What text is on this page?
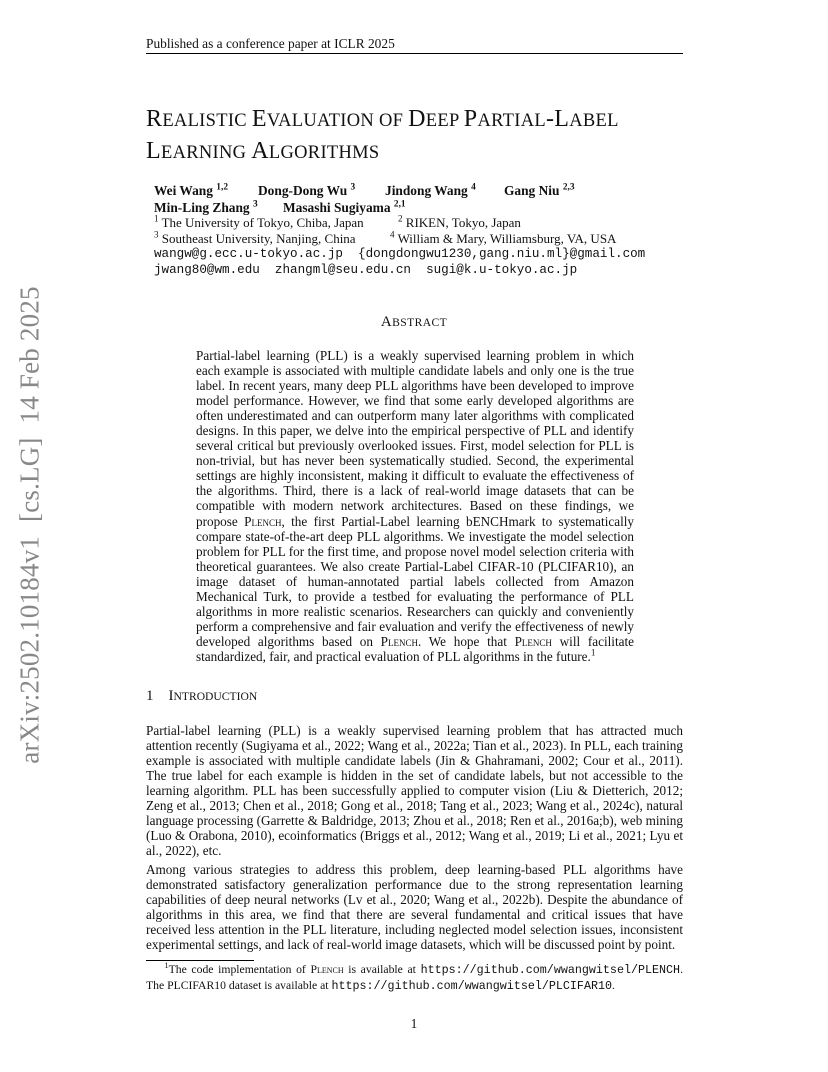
Published as a conference paper at ICLR 2025
REALISTIC EVALUATION OF DEEP PARTIAL-LABEL
LEARNING ALGORITHMS
Wei Wang $^{1,2}$ Dong-Dong Wu $^3$ Jindong Wang $^4$ Gang Niu $^{2,3}$
Min-Ling Zhang $^3$ Masashi Sugiyama $^{2,1}$
$^1$ The University of Tokyo, Chiba, Japan	$^2$ RIKEN, Tokyo, Japan
$^3$ Southeast University, Nanjing, China	$^4$ William & Mary, Williamsburg, VA, USA
wangw@g.ecc.u-tokyo.ac.jp  {dongdongwu1230,gang.niu.ml}@gmail.com
jwang80@wm.edu  zhangml@seu.edu.cn  sugi@k.u-tokyo.ac.jp
ABSTRACT

Partial-label learning (PLL) is a weakly supervised learning problem in which each example is associated with multiple candidate labels and only one is the true label. In recent years, many deep PLL algorithms have been developed to improve model performance. However, we find that some early developed algorithms are often underestimated and can outperform many later algorithms with complicated designs. In this paper, we delve into the empirical perspective of PLL and identify several critical but previously overlooked issues. First, model selection for PLL is non-trivial, but has never been systematically studied. Second, the experimental settings are highly inconsistent, making it difficult to evaluate the effectiveness of the algorithms. Third, there is a lack of real-world image datasets that can be compatible with modern network architectures. Based on these findings, we propose Plench, the first Partial-Label learning bENCHmark to systematically compare state-of-the-art deep PLL algorithms. We investigate the model selection problem for PLL for the first time, and propose novel model selection criteria with theoretical guarantees. We also create Partial-Label CIFAR-10 (PLCIFAR10), an image dataset of human-annotated partial labels collected from Amazon Mechanical Turk, to provide a testbed for evaluating the performance of PLL algorithms in more realistic scenarios. Researchers can quickly and conveniently perform a comprehensive and fair evaluation and verify the effectiveness of newly developed algorithms based on Plench. We hope that Plench will facilitate standardized, fair, and practical evaluation of PLL algorithms in the future.$^1$

1 INTRODUCTION

Partial-label learning (PLL) is a weakly supervised learning problem that has attracted much attention recently (Sugiyama et al., 2022; Wang et al., 2022a; Tian et al., 2023). In PLL, each training example is associated with multiple candidate labels (Jin & Ghahramani, 2002; Cour et al., 2011). The true label for each example is hidden in the set of candidate labels, but not accessible to the learning algorithm. PLL has been successfully applied to computer vision (Liu & Dietterich, 2012; Zeng et al., 2013; Chen et al., 2018; Gong et al., 2018; Tang et al., 2023; Wang et al., 2024c), natural language processing (Garrette & Baldridge, 2013; Zhou et al., 2018; Ren et al., 2016a;b), web mining (Luo & Orabona, 2010), ecoinformatics (Briggs et al., 2012; Wang et al., 2019; Li et al., 2021; Lyu et al., 2022), etc.

Among various strategies to address this problem, deep learning-based PLL algorithms have demonstrated satisfactory generalization performance due to the strong representation learning capabilities of deep neural networks (Lv et al., 2020; Wang et al., 2022b). Despite the abundance of algorithms in this area, we find that there are several fundamental and critical issues that have received less attention in the PLL literature, including neglected model selection issues, inconsistent experimental settings, and lack of real-world image datasets, which will be discussed point by point.

$^1$The code implementation of Plench is available at https://github.com/wwangwitsel/PLENCH. The PLCIFAR10 dataset is available at https://github.com/wwangwitsel/PLCIFAR10.
1
arXiv:2502.10184v1  [cs.LG]  14 Feb 2025
